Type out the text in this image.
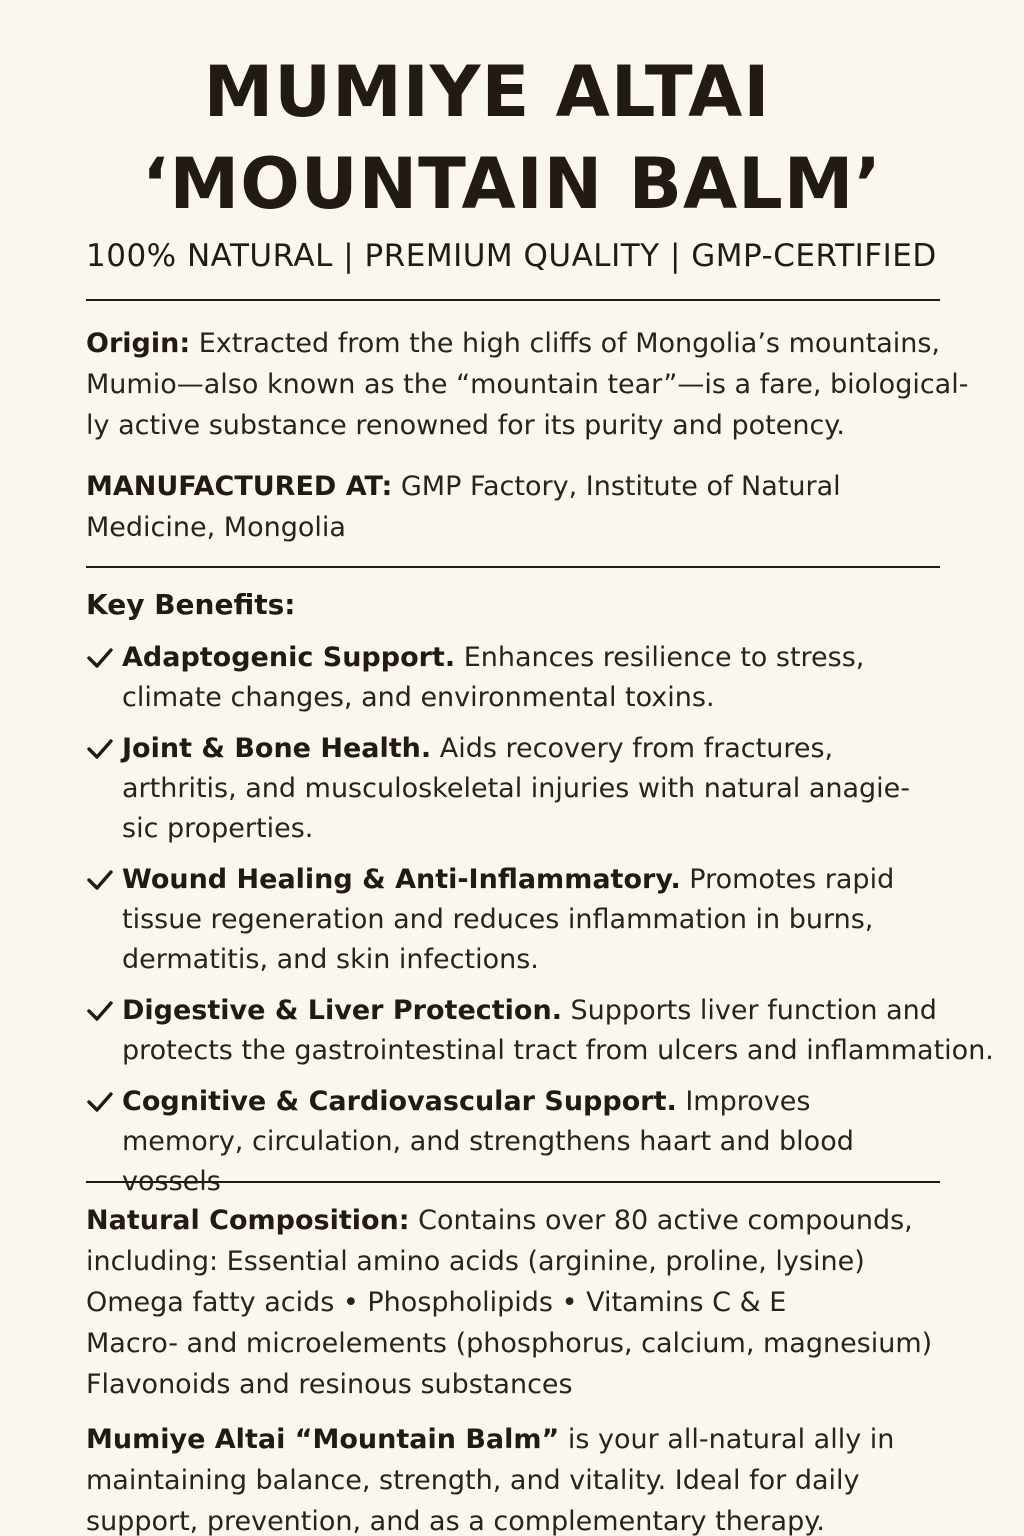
MUMIYE ALTAI
‘MOUNTAIN BALM’
100% NATURAL | PREMIUM QUALITY | GMP-CERTIFIED
Origin: Extracted from the high cliffs of Mongolia’s mountains, Mumio—also known as the “mountain tear”—is a fare, biological-ly active substance renowned for its purity and potency.
MANUFACTURED AT: GMP Factory, Institute of Natural Medicine, Mongolia
Key Benefits:
Adaptogenic Support. Enhances resilience to stress, climate changes, and environmental toxins.
Joint & Bone Health. Aids recovery from fractures, arthritis, and musculoskeletal injuries with natural anagie-sic properties.
Wound Healing & Anti-Inflammatory. Promotes rapid tissue regeneration and reduces inflammation in burns, dermatitis, and skin infections.
Digestive & Liver Protection. Supports liver function and protects the gastrointestinal tract from ulcers and inflammation.
Cognitive & Cardiovascular Support. Improves memory, circulation, and strengthens haart and blood vossels
Natural Composition: Contains over 80 active compounds, including: Essential amino acids (arginine, proline, lysine)
Omega fatty acids • Phospholipids • Vitamins C & E
Macro- and microelements (phosphorus, calcium, magnesium)
Flavonoids and resinous substances
Mumiye Altai “Mountain Balm” is your all-natural ally in maintaining balance, strength, and vitality. Ideal for daily support, prevention, and as a complementary therapy.
